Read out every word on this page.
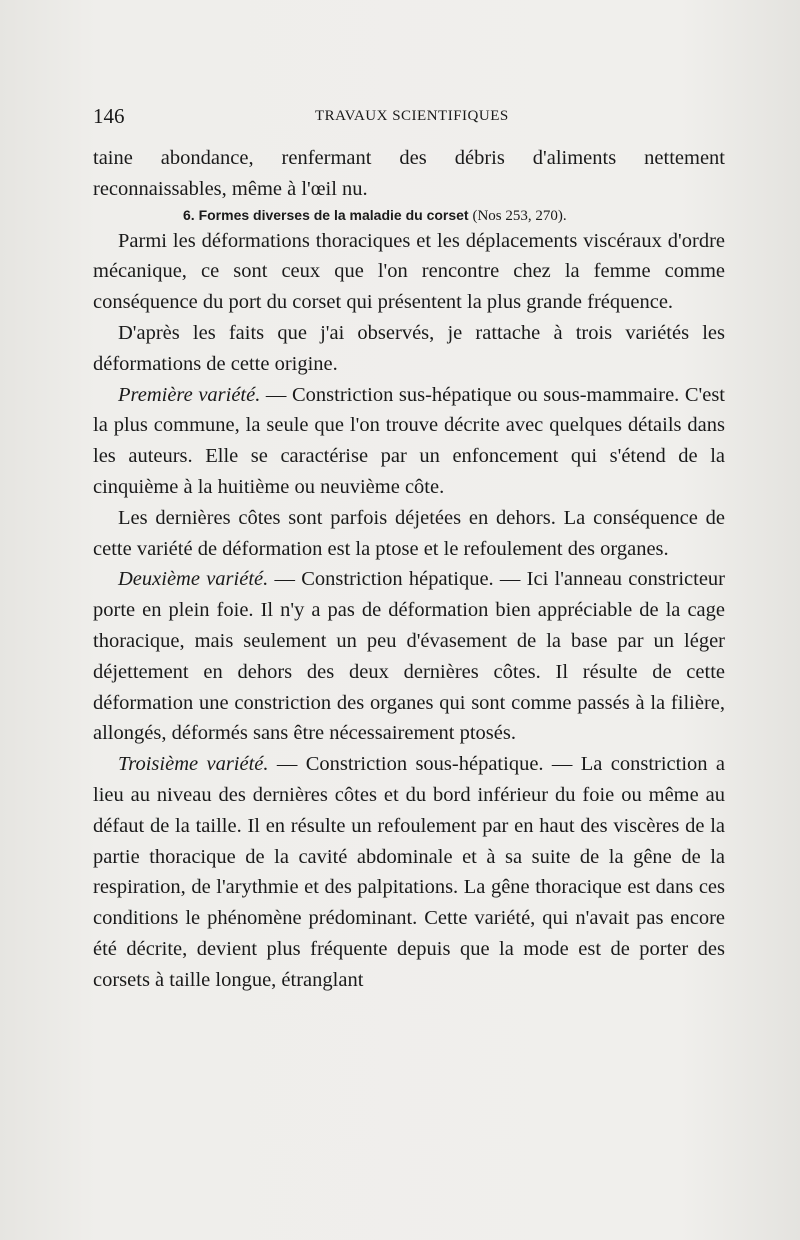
146	TRAVAUX SCIENTIFIQUES

taine abondance, renfermant des débris d'aliments nettement reconnaissables, même à l'œil nu.

6. Formes diverses de la maladie du corset (Nos 253, 270).

Parmi les déformations thoraciques et les déplacements viscéraux d'ordre mécanique, ce sont ceux que l'on rencontre chez la femme comme conséquence du port du corset qui présentent la plus grande fréquence.

D'après les faits que j'ai observés, je rattache à trois variétés les déformations de cette origine.

Première variété. — Constriction sus-hépatique ou sous-mammaire. C'est la plus commune, la seule que l'on trouve décrite avec quelques détails dans les auteurs. Elle se caractérise par un enfoncement qui s'étend de la cinquième à la huitième ou neuvième côte.

Les dernières côtes sont parfois déjetées en dehors. La conséquence de cette variété de déformation est la ptose et le refoulement des organes.

Deuxième variété. — Constriction hépatique. — Ici l'anneau constricteur porte en plein foie. Il n'y a pas de déformation bien appréciable de la cage thoracique, mais seulement un peu d'évasement de la base par un léger déjettement en dehors des deux dernières côtes. Il résulte de cette déformation une constriction des organes qui sont comme passés à la filière, allongés, déformés sans être nécessairement ptosés.

Troisième variété. — Constriction sous-hépatique. — La constriction a lieu au niveau des dernières côtes et du bord inférieur du foie ou même au défaut de la taille. Il en résulte un refoulement par en haut des viscères de la partie thoracique de la cavité abdominale et à sa suite de la gêne de la respiration, de l'arythmie et des palpitations. La gêne thoracique est dans ces conditions le phénomène prédominant. Cette variété, qui n'avait pas encore été décrite, devient plus fréquente depuis que la mode est de porter des corsets à taille longue, étranglant
